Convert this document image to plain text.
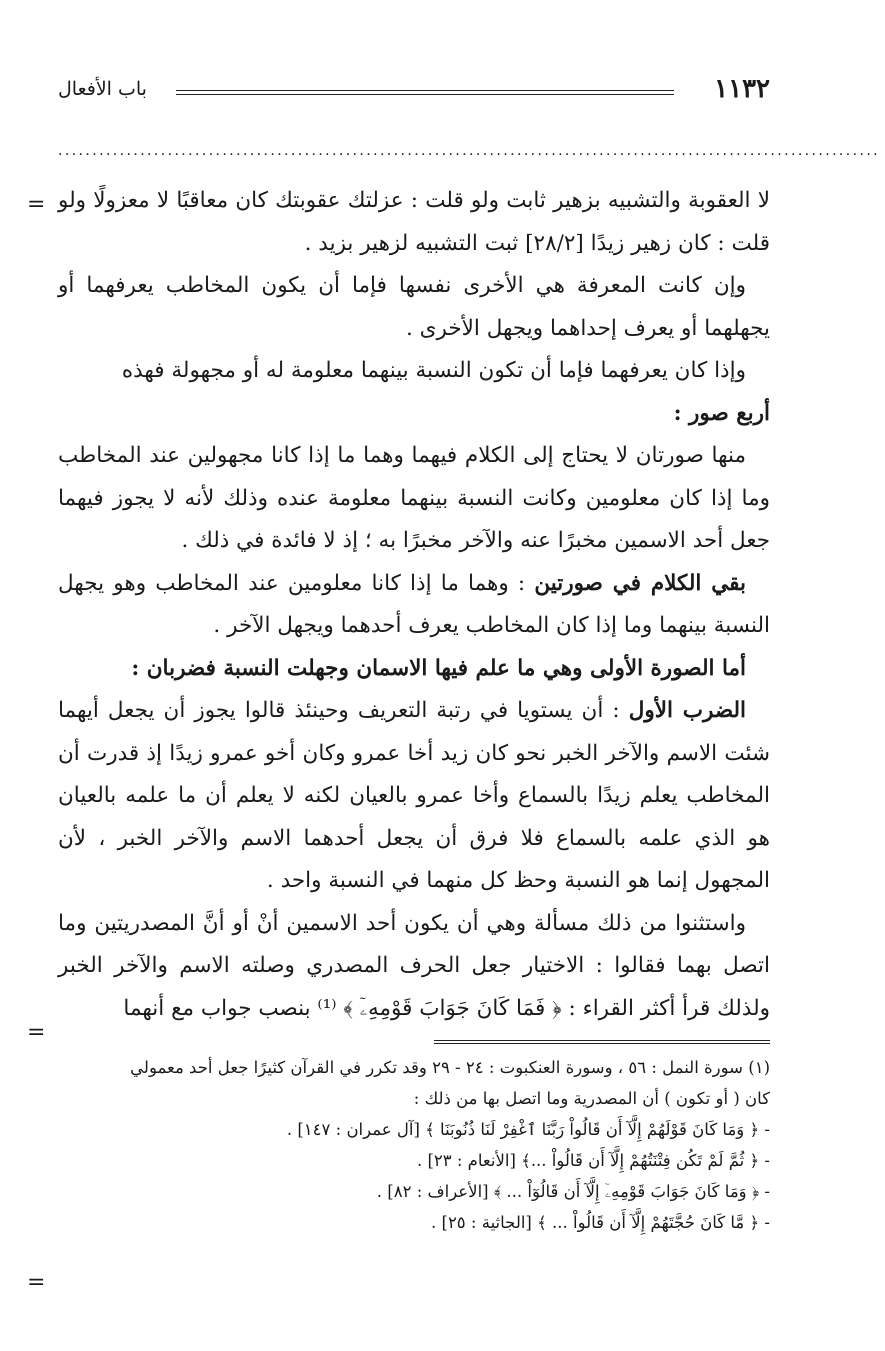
١١٣٢
باب الأفعال
........................................................................................................................

لا العقوبة والتشبيه بزهير ثابت ولو قلت : عزلتك عقوبتك كان معاقبًا لا معزولًا ولو قلت : كان زهير زيدًا [٢٨/٢] ثبت التشبيه لزهير بزيد .

وإن كانت المعرفة هي الأخرى نفسها فإما أن يكون المخاطب يعرفهما أو يجهلهما أو يعرف إحداهما ويجهل الأخرى .

وإذا كان يعرفهما فإما أن تكون النسبة بينهما معلومة له أو مجهولة فهذه
أربع صور :

منها صورتان لا يحتاج إلى الكلام فيهما وهما ما إذا كانا مجهولين عند المخاطب وما إذا كان معلومين وكانت النسبة بينهما معلومة عنده وذلك لأنه لا يجوز فيهما جعل أحد الاسمين مخبرًا عنه والآخر مخبرًا به ؛ إذ لا فائدة في ذلك .

بقي الكلام في صورتين : وهما ما إذا كانا معلومين عند المخاطب وهو يجهل النسبة بينهما وما إذا كان المخاطب يعرف أحدهما ويجهل الآخر .

أما الصورة الأولى وهي ما علم فيها الاسمان وجهلت النسبة فضربان :

الضرب الأول : أن يستويا في رتبة التعريف وحينئذ قالوا يجوز أن يجعل أيهما شئت الاسم والآخر الخبر نحو كان زيد أخا عمرو وكان أخو عمرو زيدًا إذ قدرت أن المخاطب يعلم زيدًا بالسماع وأخا عمرو بالعيان لكنه لا يعلم أن ما علمه بالعيان هو الذي علمه بالسماع فلا فرق أن يجعل أحدهما الاسم والآخر الخبر ، لأن المجهول إنما هو النسبة وحظ كل منهما في النسبة واحد .

واستثنوا من ذلك مسألة وهي أن يكون أحد الاسمين أنْ أو أنَّ المصدريتين وما اتصل بهما فقالوا : الاختيار جعل الحرف المصدري وصلته الاسم والآخر الخبر ولذلك قرأ أكثر القراء : ﴿ فَمَا كَانَ جَوَابَ قَوْمِهِۦٓ ﴾ ⁽¹⁾ بنصب جواب مع أنهما

(١) سورة النمل : ٥٦ ، وسورة العنكبوت : ٢٤ - ٢٩ وقد تكرر في القرآن كثيرًا جعل أحد معمولي

كان ( أو تكون ) أن المصدرية وما اتصل بها من ذلك :

- ﴿ وَمَا كَانَ قَوْلَهُمْ إِلَّآ أَن قَالُواْ رَبَّنَا ٱغْفِرْ لَنَا ذُنُوبَنَا ﴾ [آل عمران : ١٤٧] .
- ﴿ ثُمَّ لَمْ تَكُن فِتْنَتُهُمْ إِلَّآ أَن قَالُواْ ...﴾ [الأنعام : ٢٣] .
- ﴿ وَمَا كَانَ جَوَابَ قَوْمِهِۦٓ إِلَّآ أَن قَالُوٓاْ ... ﴾ [الأعراف : ٨٢] .
- ﴿ مَّا كَانَ حُجَّتَهُمْ إِلَّآ أَن قَالُواْ ... ﴾ [الجاثية : ٢٥] .
=
=
=
